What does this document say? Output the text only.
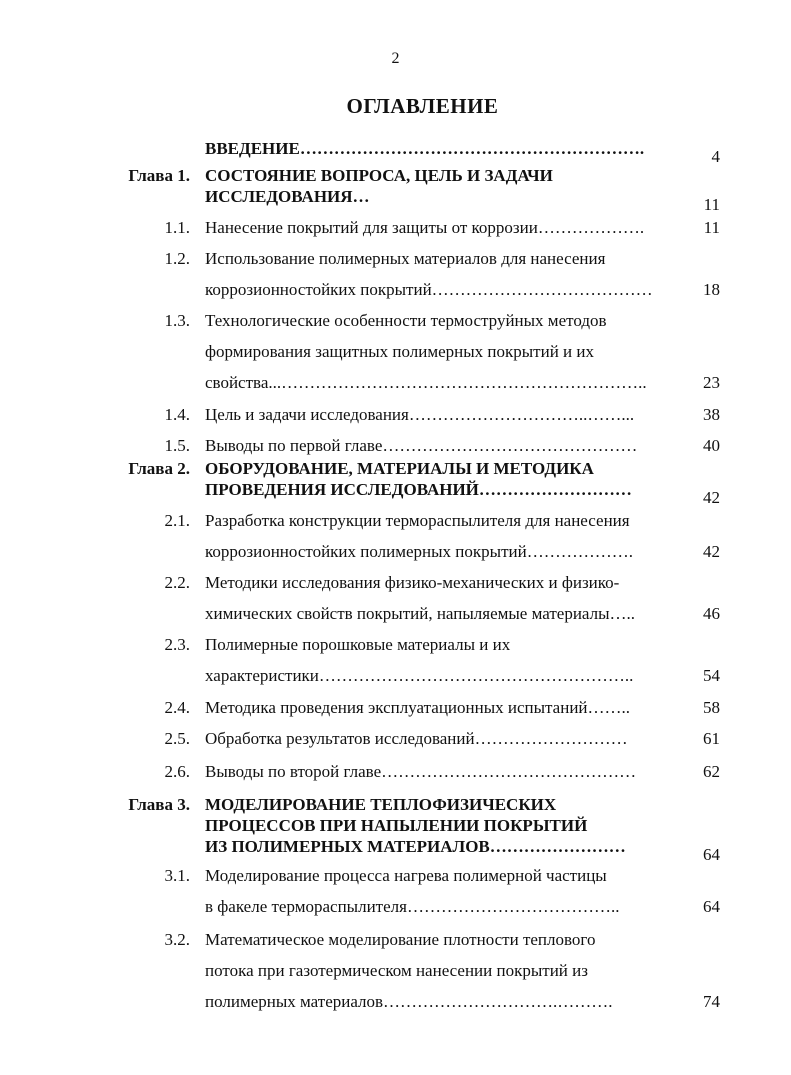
2
ОГЛАВЛЕНИЕ
ВВЕДЕНИЕ…………………………………………………….	4
Глава 1. СОСТОЯНИЕ ВОПРОСА, ЦЕЛЬ И ЗАДАЧИ
ИССЛЕДОВАНИЯ…	11
1.1. Нанесение покрытий для защиты от коррозии……………….	11
1.2. Использование полимерных материалов для нанесения
коррозионностойких покрытий…………………………………	18
1.3. Технологические особенности термоструйных методов
формирования защитных полимерных покрытий и их
свойства...………………………………………………………..	23
1.4. Цель и задачи исследования…………………………..……...	38
1.5. Выводы по первой главе………………………………………	40
Глава 2. ОБОРУДОВАНИЕ, МАТЕРИАЛЫ И МЕТОДИКА
ПРОВЕДЕНИЯ ИССЛЕДОВАНИЙ………………………	42
2.1. Разработка конструкции термораспылителя для нанесения
коррозионностойких полимерных покрытий……………….	42
2.2. Методики исследования физико-механических и физико-
химических свойств покрытий, напыляемые материалы…..	46
2.3. Полимерные порошковые материалы и их
характеристики………………………………………………..	54
2.4. Методика проведения эксплуатационных испытаний……..	58
2.5. Обработка результатов исследований………………………	61
2.6. Выводы по второй главе………………………………………	62
Глава 3. МОДЕЛИРОВАНИЕ ТЕПЛОФИЗИЧЕСКИХ
ПРОЦЕССОВ ПРИ НАПЫЛЕНИИ ПОКРЫТИЙ
ИЗ ПОЛИМЕРНЫХ МАТЕРИАЛОВ……………………	64
3.1. Моделирование процесса нагрева полимерной частицы
в факеле термораспылителя………………………………..	64
3.2. Математическое моделирование плотности теплового
потока при газотермическом нанесении покрытий из
полимерных материалов………………………….……….	74
